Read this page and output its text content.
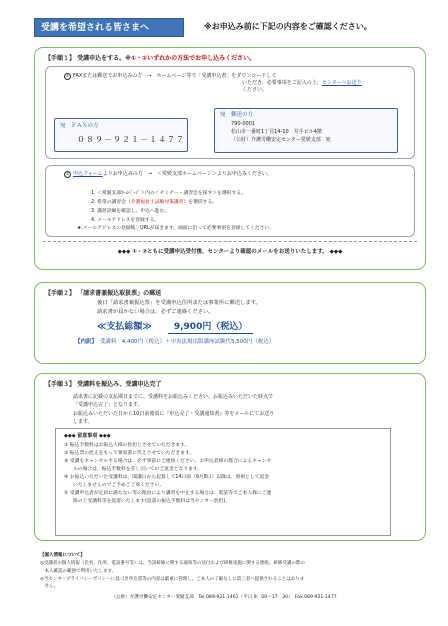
受講を希望される皆さまへ	※お申込み前に下記の内容をご確認ください。
【手順１】 受講申込をする。※①・②いずれかの方法でお申し込みください。
① FAXまたは郵送でお申込みの方　→　ホームページ等で「受講申込書」をダウンロードして
いただき、必要事項をご記入の上、センターへお送り
ください。
宛　ＦＡＸの方
０８９－９２１－１４７７
宛　郵送の方
790-0001
松山市一番町1丁目14-10　井手ビル4階
（公財）介護労働安定センター愛媛支部　宛
② 申込フォームよりお申込みの方　→　＜愛媛支部ホームページ＞よりお申込みください。
1. ＜愛媛支部ﾎｰﾑﾍﾟｰｼﾞ＞内の＜セミナー・講習会を探す＞を選択する。
2. 希望の講習会（介護福祉士試験対策講習）を選択する。
3. 講習詳細を確認し、申込へ進む。
4. メールアドレスを登録する。
★.メールアドレスの登録後、URLが届きます。画面に沿って必要事項を登録してください。
◆◆◆ ①・②ともに受講申込受付後、センターより確認のメールをお送りいたします。 ◆◆◆
【手順２】 「請求書兼振込取扱票」の郵送
後日「請求書兼振込票」を受講申込住所または事業所に郵送します。
請求書が届かない場合は、必ずご連絡ください。
≪支払総額≫ 9,900円（税込）
【内訳】　 受講料　4,400円（税込）＋中央法規出版講座試験代5,500円（税込）
【手順３】 受講料を振込み、受講申込完了
請求書に記載の支払期日までに、受講料をお振込みください。お振込みいただいた時点で
「受講申込完了」となります。
お振込みいただいた日から10日前後頃に『申込完了・受講通知書』等をメールにてお送り
します。
◆◆◆ 留意事項 ◆◆◆
① 振込手数料はお振込人様の負担とさせていただきます。
② 振込票の控えをもって領収書に代えさせていただきます。
③ 受講をキャンセルする場合は、必ず事前にご連絡ください。お申込者様の都合によるキャンセ
ルの場合は、振込手数料を差し引いてのご返金となります。
④ お振込いただいた受講料は、開講日から起算して14日前（9月8日）以降は、原則として返金
いたしませんのでご予めご了承ください。
⑤ 受講申込者が定員に満たない等の理由により講習を中止する場合は、電話等でご本人様にご連
絡の上受講料等を返還いたします(返還の振込手数料は当センター負担)。
【個人情報について】
◎受講者の個人情報（氏名、住所、電話番号等）は、当該研修に関する通知等の送付および研修実施に関する連絡、研修受講の際の
　本人確認の範囲で利用いたします。
◎当センタープライバシーポリシーに基づき申込書等の内容は厳重に管理し、ご本人の了解なしに第三者へ提供されることはありま
　せん。
（公財）介護労働安定センター愛媛支部　Tel.089-921-1461（平日 9：00～17：30）　Fax.089-921-1477
